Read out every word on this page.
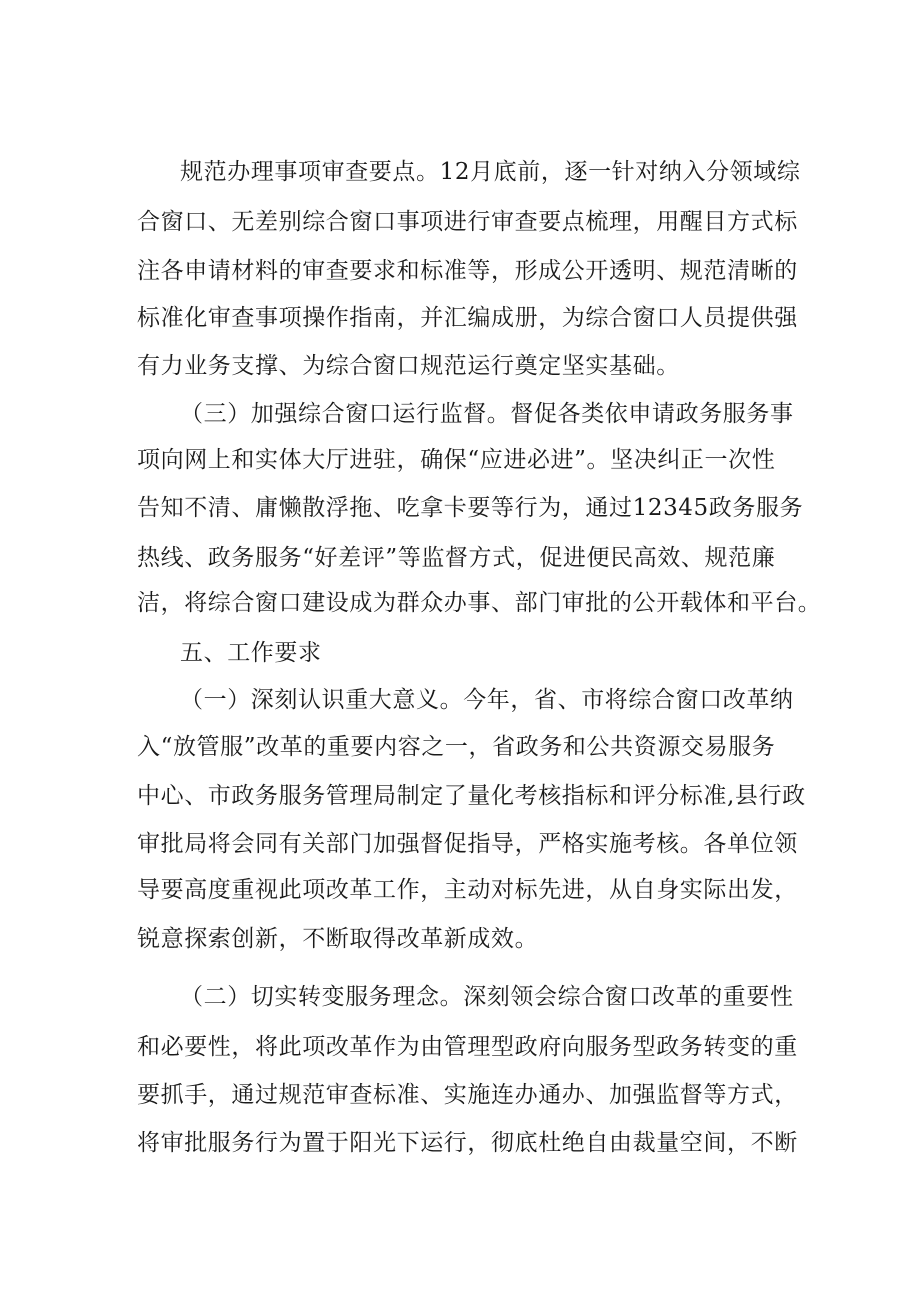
规范办理事项审查要点。12月底前，逐一针对纳入分领域综
合窗口、无差别综合窗口事项进行审查要点梳理，用醒目方式标
注各申请材料的审查要求和标准等，形成公开透明、规范清晰的
标准化审查事项操作指南，并汇编成册，为综合窗口人员提供强
有力业务支撑、为综合窗口规范运行奠定坚实基础。
（三）加强综合窗口运行监督。督促各类依申请政务服务事
项向网上和实体大厅进驻，确保“应进必进”。坚决纠正一次性
告知不清、庸懒散浮拖、吃拿卡要等行为，通过12345政务服务
热线、政务服务“好差评”等监督方式，促进便民高效、规范廉
洁，将综合窗口建设成为群众办事、部门审批的公开载体和平台。
五、工作要求
（一）深刻认识重大意义。今年，省、市将综合窗口改革纳
入“放管服”改革的重要内容之一，省政务和公共资源交易服务
中心、市政务服务管理局制定了量化考核指标和评分标准,县行政
审批局将会同有关部门加强督促指导，严格实施考核。各单位领
导要高度重视此项改革工作，主动对标先进，从自身实际出发，
锐意探索创新，不断取得改革新成效。
（二）切实转变服务理念。深刻领会综合窗口改革的重要性
和必要性，将此项改革作为由管理型政府向服务型政务转变的重
要抓手，通过规范审查标准、实施连办通办、加强监督等方式，
将审批服务行为置于阳光下运行，彻底杜绝自由裁量空间，不断
